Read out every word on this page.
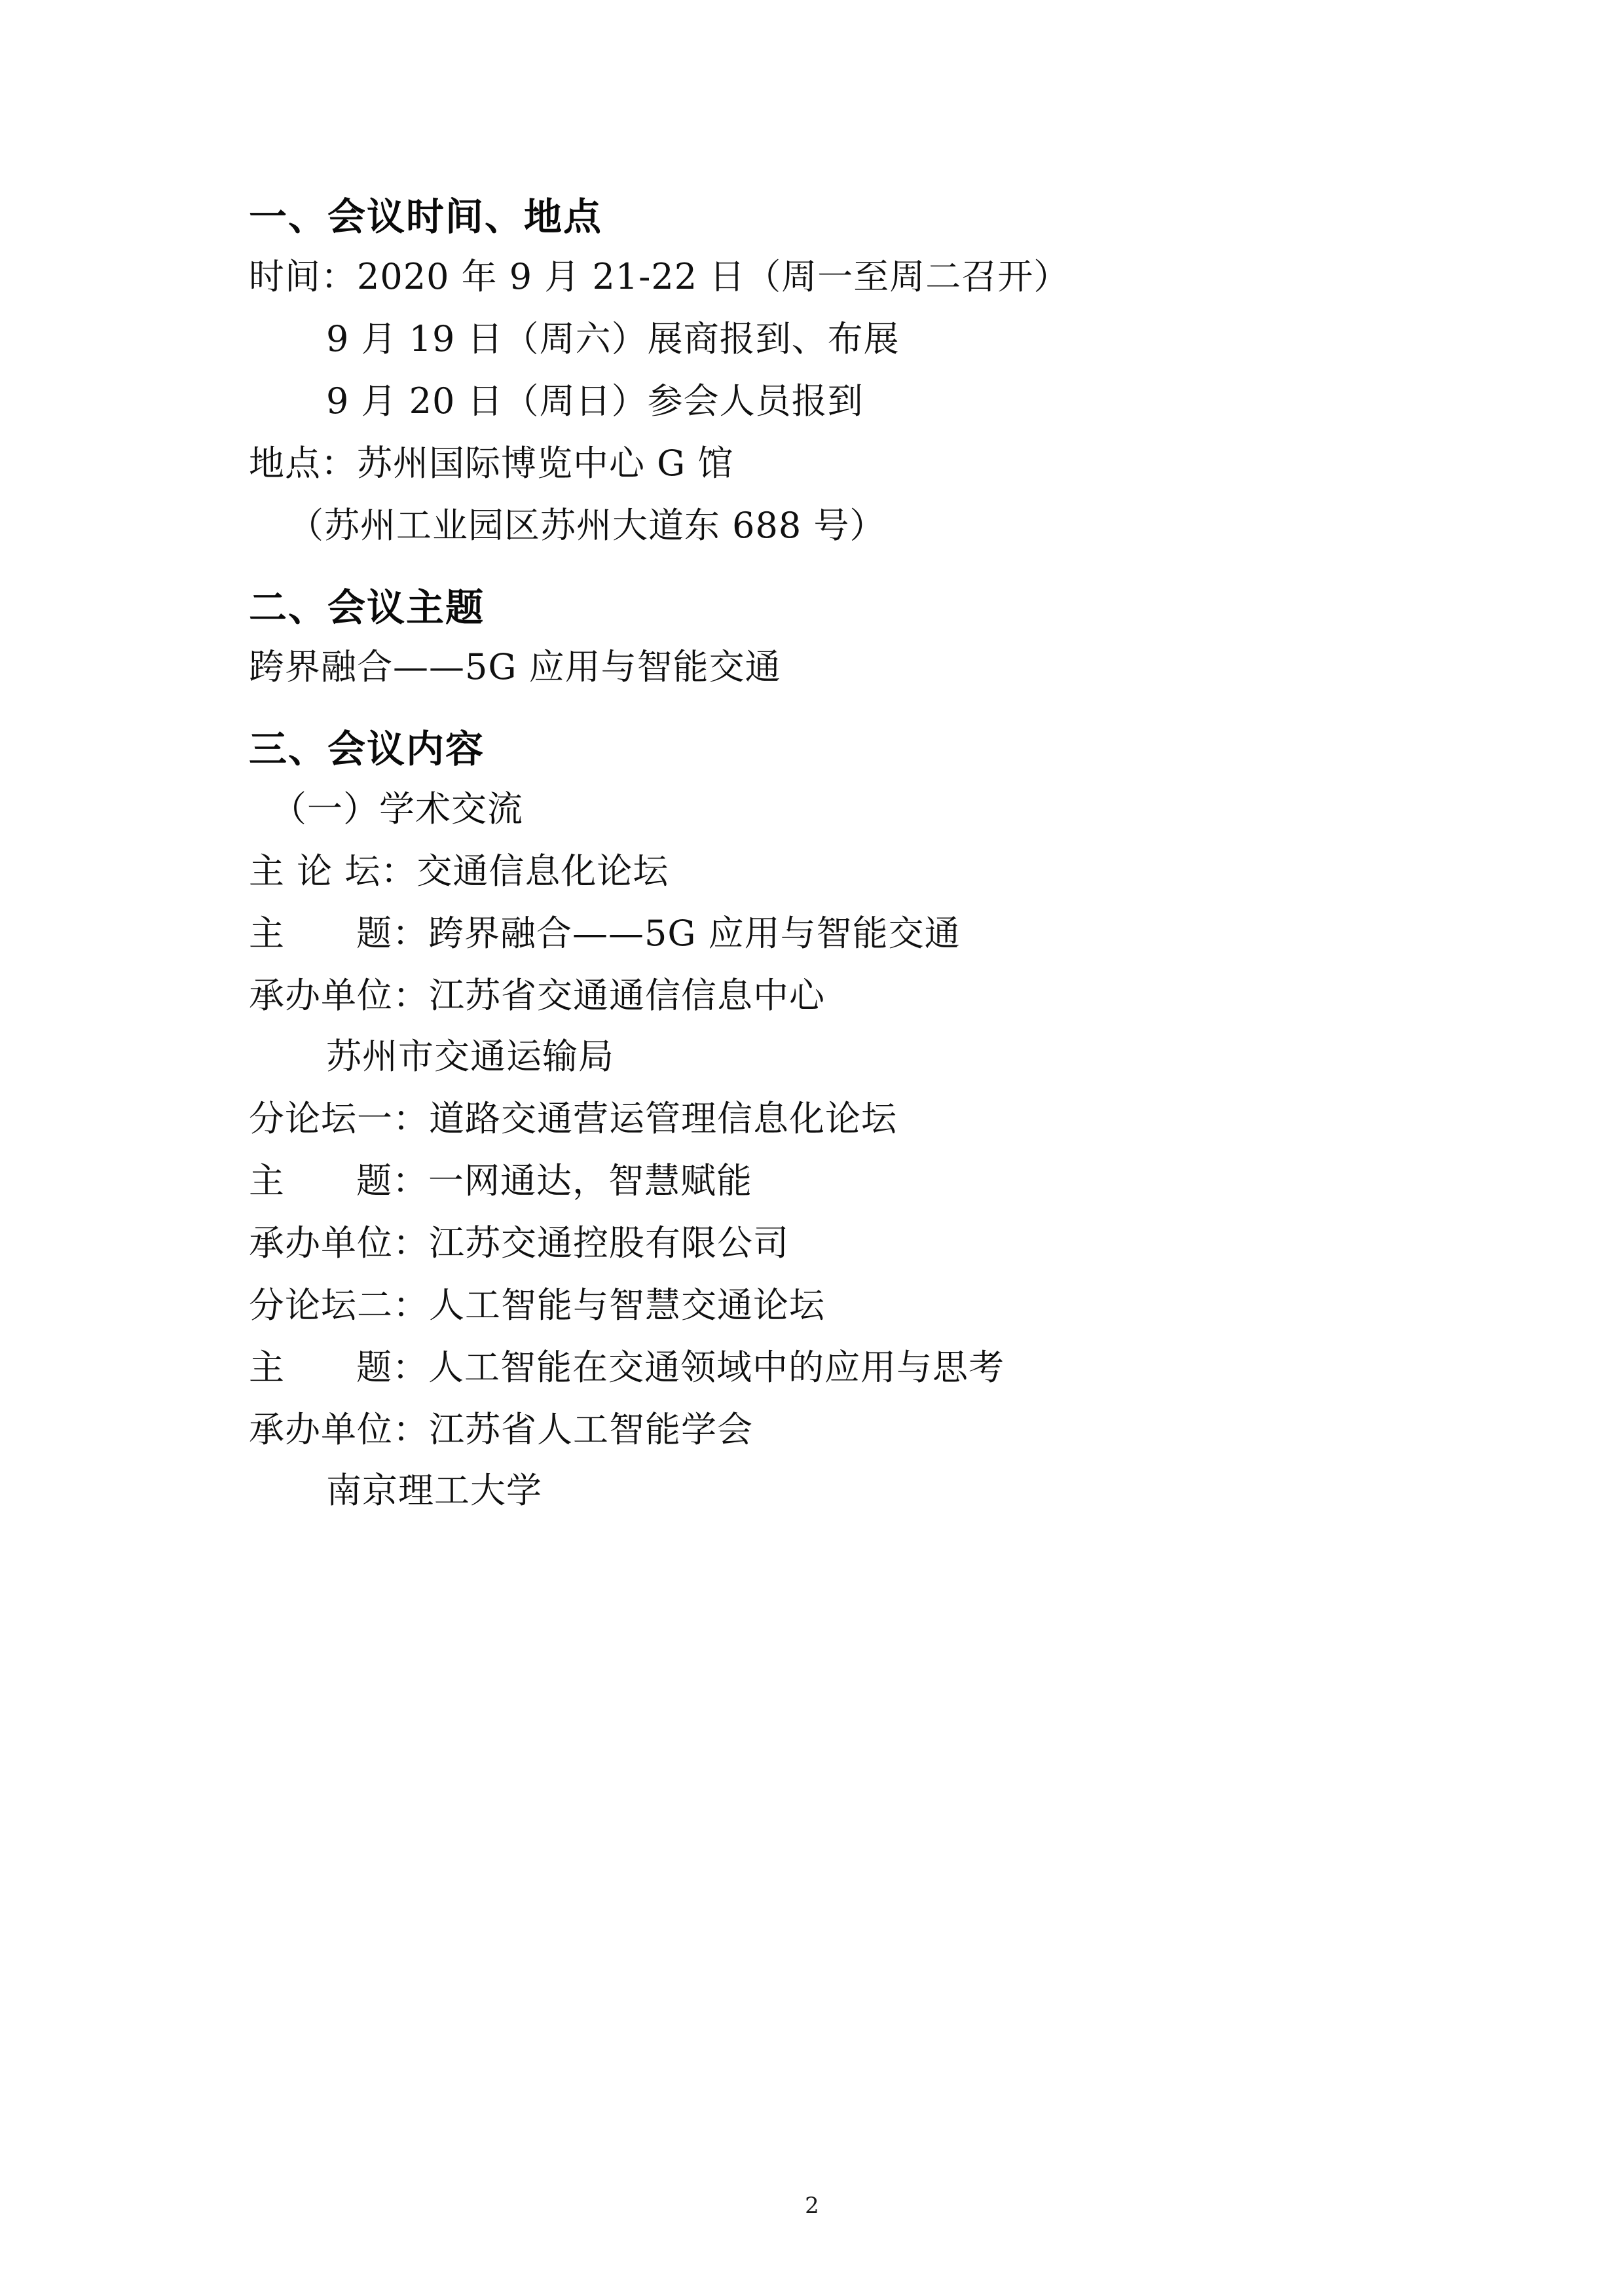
一、会议时间、地点

时间：2020 年 9 月 21-22 日（周一至周二召开）

9 月 19 日（周六）展商报到、布展

9 月 20 日（周日）参会人员报到

地点：苏州国际博览中心 G 馆

（苏州工业园区苏州大道东 688 号）

二、会议主题

跨界融合——5G 应用与智能交通

三、会议内容

（一）学术交流

主 论 坛：交通信息化论坛

主      题：跨界融合——5G 应用与智能交通

承办单位：江苏省交通通信信息中心

苏州市交通运输局

分论坛一：道路交通营运管理信息化论坛

主      题：一网通达，智慧赋能

承办单位：江苏交通控股有限公司

分论坛二：人工智能与智慧交通论坛

主      题：人工智能在交通领域中的应用与思考

承办单位：江苏省人工智能学会

南京理工大学

2
